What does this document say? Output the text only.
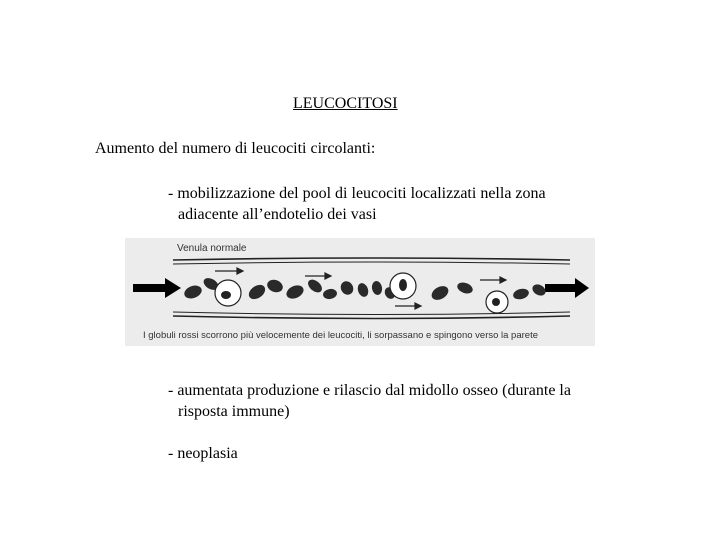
LEUCOCITOSI
Aumento del numero di leucociti circolanti:
- mobilizzazione del pool di leucociti localizzati nella zona
adiacente all’endotelio dei vasi
Venula normale
I globuli rossi scorrono più velocemente dei leucociti, li sorpassano e spingono verso la parete
- aumentata produzione e rilascio dal midollo osseo (durante la
risposta immune)
- neoplasia
